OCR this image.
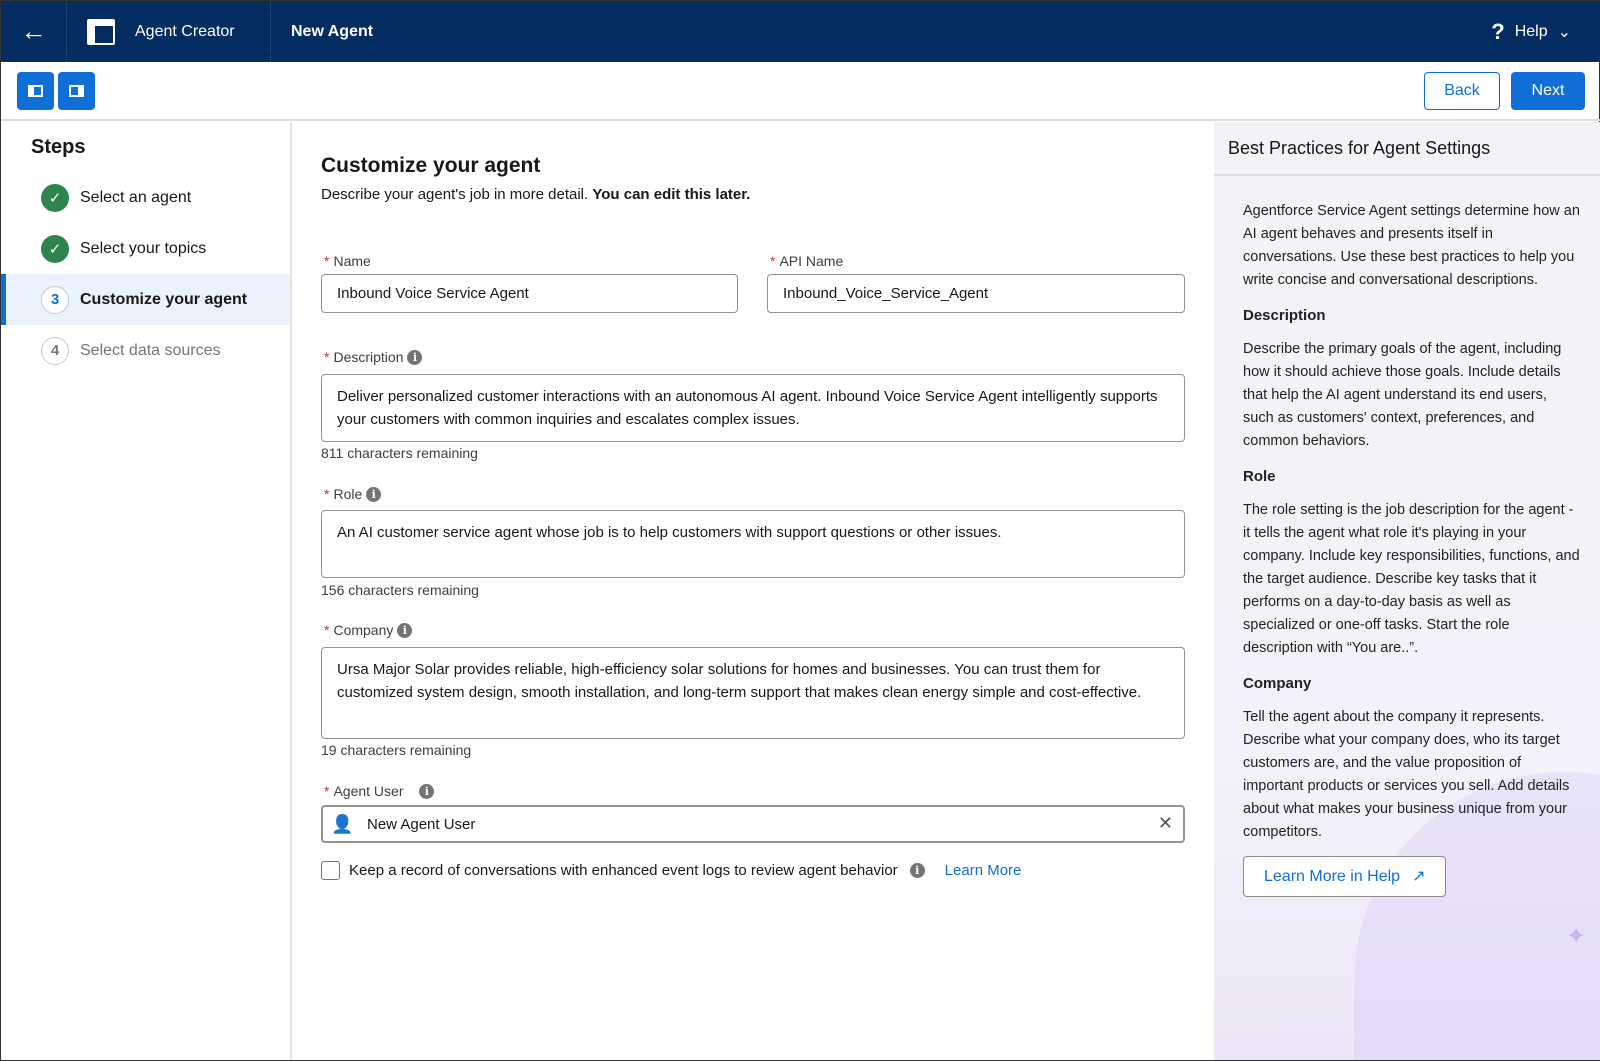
←	Agent Creator	New Agent	? Help ⌄
Back	Next
Steps
✓	Select an agent
✓	Select your topics
3	Customize your agent
4	Select data sources
Customize your agent
Describe your agent's job in more detail. You can edit this later.
* Name
Inbound Voice Service Agent
* API Name
Inbound_Voice_Service_Agent
* Description i
Deliver personalized customer interactions with an autonomous AI agent. Inbound Voice Service Agent intelligently supports your customers with common inquiries and escalates complex issues.
811 characters remaining
* Role i
An AI customer service agent whose job is to help customers with support questions or other issues.
156 characters remaining
* Company i
Ursa Major Solar provides reliable, high-efficiency solar solutions for homes and businesses. You can trust them for customized system design, smooth installation, and long-term support that makes clean energy simple and cost-effective.
19 characters remaining
* Agent User
	i
👤 New Agent User	✕
Keep a record of conversations with enhanced event logs to review agent behavior	i	Learn More
Best Practices for Agent Settings

Agentforce Service Agent settings determine how an AI agent behaves and presents itself in conversations. Use these best practices to help you write concise and conversational descriptions.

Description

Describe the primary goals of the agent, including how it should achieve those goals. Include details that help the AI agent understand its end users, such as customers' context, preferences, and common behaviors.

Role

The role setting is the job description for the agent - it tells the agent what role it's playing in your company. Include key responsibilities, functions, and the target audience. Describe key tasks that it performs on a day-to-day basis as well as specialized or one-off tasks. Start the role description with “You are..”.

Company

Tell the agent about the company it represents. Describe what your company does, who its target customers are, and the value proposition of important products or services you sell. Add details about what makes your business unique from your competitors.

Learn More in Help ↗
✦
